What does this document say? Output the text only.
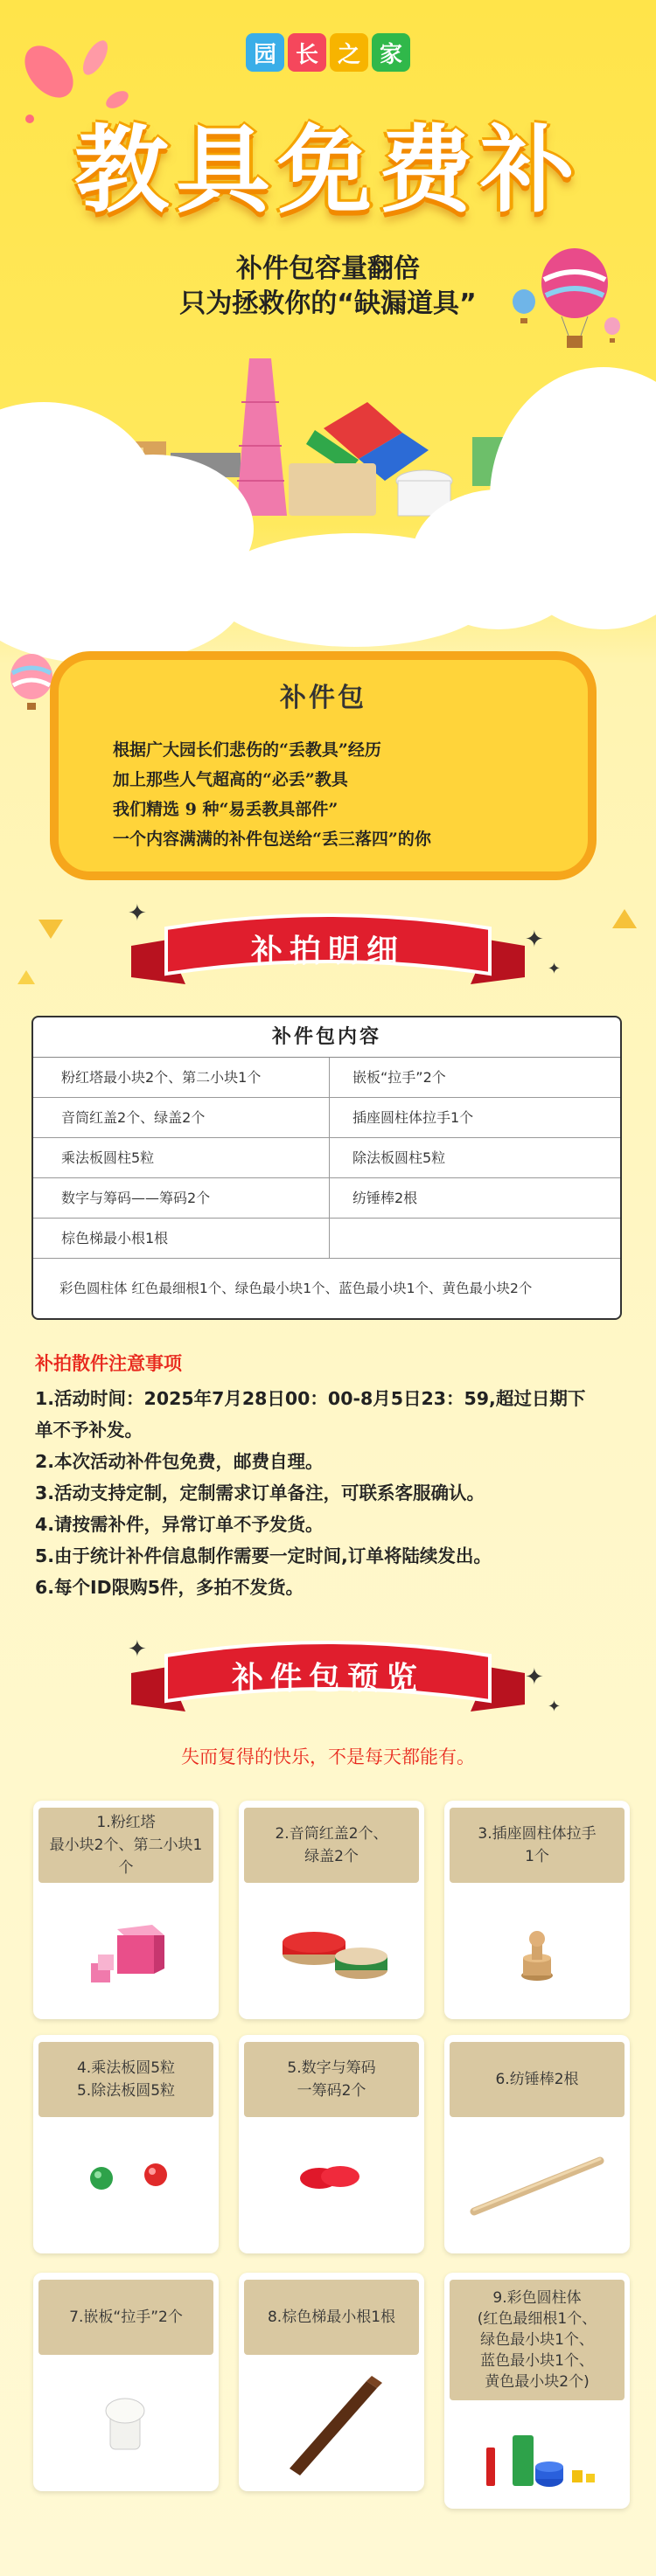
园 长 之 家
教具免费补
补件包容量翻倍
只为拯救你的“缺漏道具”
补件包
根据广大园长们悲伤的“丢教具”经历
加上那些人气超高的“必丢”教具
我们精选 9 种“易丢教具部件”
一个内容满满的补件包送给“丢三落四”的你
补拍明细
✦
✦
✦
补件包内容
粉红塔最小块2个、第二小块1个	嵌板“拉手”2个
音筒红盖2个、绿盖2个	插座圆柱体拉手1个
乘法板圆柱5粒	除法板圆柱5粒
数字与筹码——筹码2个	纺锤棒2根
棕色梯最小根1根
彩色圆柱体 红色最细根1个、绿色最小块1个、蓝色最小块1个、黄色最小块2个
补拍散件注意事项
1.活动时间：2025年7月28日00：00-8月5日23：59,超过日期下
单不予补发。
2.本次活动补件包免费，邮费自理。
3.活动支持定制，定制需求订单备注，可联系客服确认。
4.请按需补件，异常订单不予发货。
5.由于统计补件信息制作需要一定时间,订单将陆续发出。
6.每个ID限购5件，多拍不发货。
补件包预览
✦
✦
✦
失而复得的快乐，不是每天都能有。
1.粉红塔
最小块2个、第二小块1个
2.音筒红盖2个、
绿盖2个
3.插座圆柱体拉手
1个
4.乘法板圆5粒
5.除法板圆5粒
5.数字与筹码
一筹码2个
6.纺锤棒2根
7.嵌板“拉手”2个	8.棕色梯最小根1根
9.彩色圆柱体
(红色最细根1个、
绿色最小块1个、
蓝色最小块1个、
黄色最小块2个)
